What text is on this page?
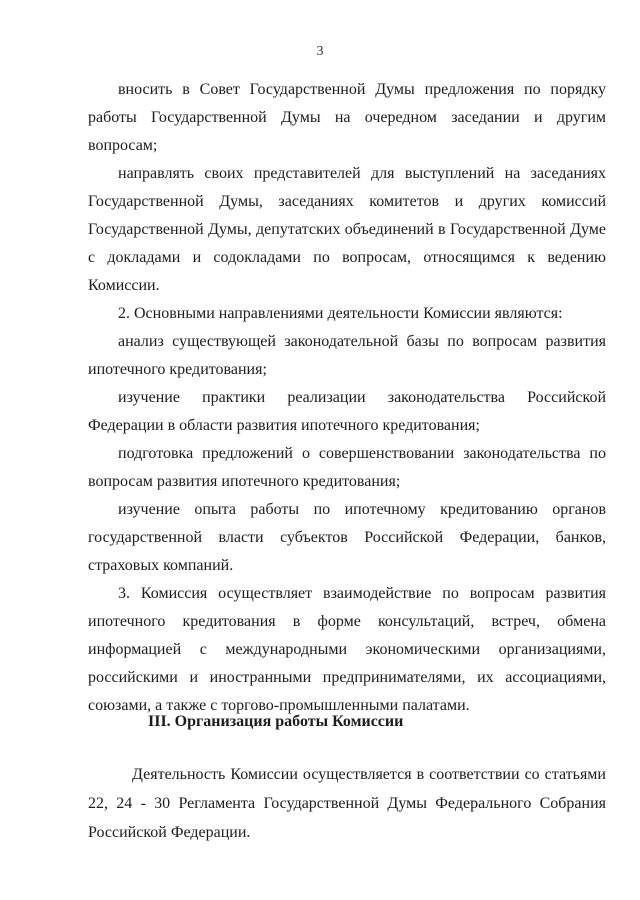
3

вносить в Совет Государственной Думы предложения по порядку работы Государственной Думы на очередном заседании и другим вопросам;

направлять своих представителей для выступлений на заседаниях Государственной Думы, заседаниях комитетов и других комиссий Государственной Думы, депутатских объединений в Государственной Думе с докладами и содокладами по вопросам, относящимся к ведению Комиссии.

2. Основными направлениями деятельности Комиссии являются:

анализ существующей законодательной базы по вопросам развития ипотечного кредитования;

изучение практики реализации законодательства Российской Федерации в области развития ипотечного кредитования;

подготовка предложений о совершенствовании законодательства по вопросам развития ипотечного кредитования;

изучение опыта работы по ипотечному кредитованию органов государственной власти субъектов Российской Федерации, банков, страховых компаний.

3. Комиссия осуществляет взаимодействие по вопросам развития ипотечного кредитования в форме консультаций, встреч, обмена информацией с международными экономическими организациями, российскими и иностранными предпринимателями, их ассоциациями, союзами, а также с торгово-промышленными палатами.

III. Организация работы Комиссии

Деятельность Комиссии осуществляется в соответствии со статьями 22, 24 - 30 Регламента Государственной Думы Федерального Собрания Российской Федерации.
